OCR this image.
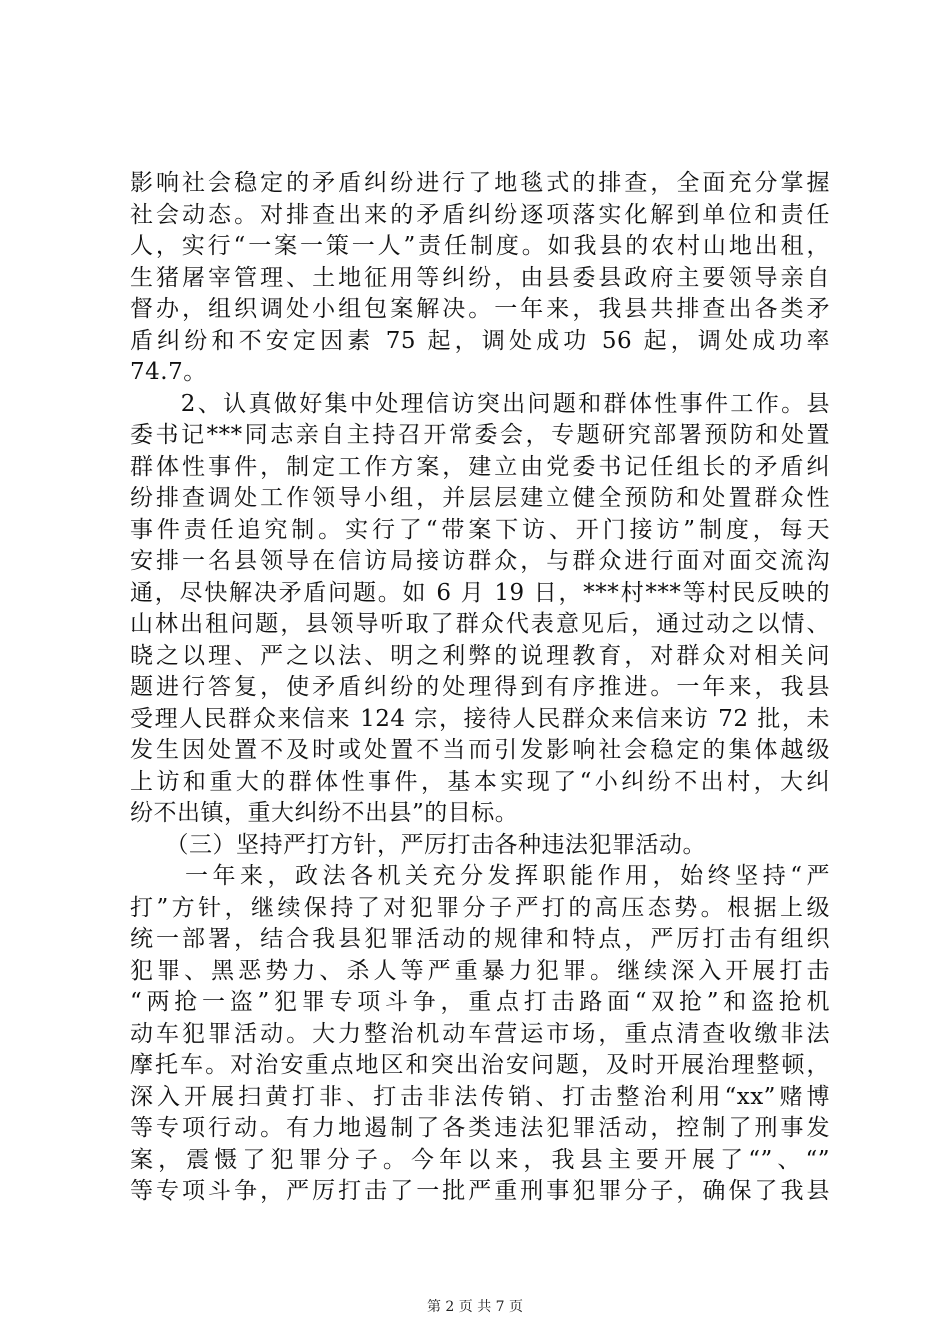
影响社会稳定的矛盾纠纷进行了地毯式的排查，全面充分掌握
社会动态。对排查出来的矛盾纠纷逐项落实化解到单位和责任
人，实行“一案一策一人”责任制度。如我县的农村山地出租，
生猪屠宰管理、土地征用等纠纷，由县委县政府主要领导亲自
督办，组织调处小组包案解决。一年来，我县共排查出各类矛
盾纠纷和不安定因素 75 起，调处成功 56 起，调处成功率
74.7。
　　2、认真做好集中处理信访突出问题和群体性事件工作。县
委书记***同志亲自主持召开常委会，专题研究部署预防和处置
群体性事件，制定工作方案，建立由党委书记任组长的矛盾纠
纷排查调处工作领导小组，并层层建立健全预防和处置群众性
事件责任追究制。实行了“带案下访、开门接访”制度，每天
安排一名县领导在信访局接访群众，与群众进行面对面交流沟
通，尽快解决矛盾问题。如 6 月 19 日，***村***等村民反映的
山林出租问题，县领导听取了群众代表意见后，通过动之以情、
晓之以理、严之以法、明之利弊的说理教育，对群众对相关问
题进行答复，使矛盾纠纷的处理得到有序推进。一年来，我县
受理人民群众来信来 124 宗，接待人民群众来信来访 72 批，未
发生因处置不及时或处置不当而引发影响社会稳定的集体越级
上访和重大的群体性事件，基本实现了“小纠纷不出村，大纠
纷不出镇，重大纠纷不出县”的目标。
　　（三）坚持严打方针，严厉打击各种违法犯罪活动。
　　一年来，政法各机关充分发挥职能作用，始终坚持“严
打”方针，继续保持了对犯罪分子严打的高压态势。根据上级
统一部署，结合我县犯罪活动的规律和特点，严厉打击有组织
犯罪、黑恶势力、杀人等严重暴力犯罪。继续深入开展打击
“两抢一盗”犯罪专项斗争，重点打击路面“双抢”和盗抢机
动车犯罪活动。大力整治机动车营运市场，重点清查收缴非法
摩托车。对治安重点地区和突出治安问题，及时开展治理整顿，
深入开展扫黄打非、打击非法传销、打击整治利用“xx”赌博
等专项行动。有力地遏制了各类违法犯罪活动，控制了刑事发
案，震慑了犯罪分子。今年以来，我县主要开展了“”、“”
等专项斗争，严厉打击了一批严重刑事犯罪分子，确保了我县
第 2 页 共 7 页
